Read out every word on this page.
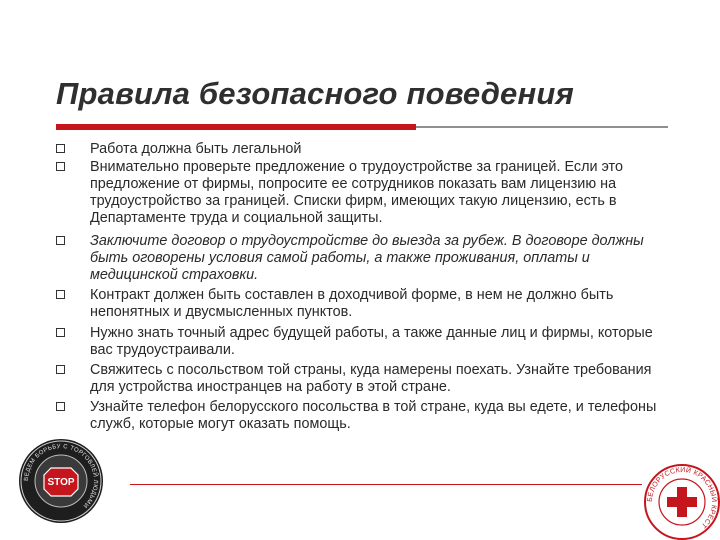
Правила безопасного поведения
Работа должна быть легальной
Внимательно проверьте предложение о трудоустройстве за границей. Если это предложение от фирмы, попросите ее сотрудников показать вам лицензию на трудоустройство за границей. Списки фирм, имеющих такую лицензию, есть в Департаменте труда и социальной защиты.
Заключите договор о трудоустройстве до выезда за рубеж. В договоре должны быть оговорены условия самой работы, а также проживания, оплаты и медицинской страховки.
Контракт должен быть составлен в доходчивой форме, в нем не должно быть непонятных и двусмысленных пунктов.
Нужно знать точный адрес будущей работы, а также данные лиц и фирмы, которые вас трудоустраивали.
Свяжитесь с посольством той страны, куда намерены поехать. Узнайте требования для устройства иностранцев на работу в этой стране.
Узнайте телефон белорусского посольства в той стране, куда вы едете, и телефоны служб, которые могут оказать помощь.
ВЕДЕМ БОРЬБУ С ТОРГОВЛЕЙ ЛЮДЬМИ
STOP
БЕЛОРУССКИЙ КРАСНЫЙ КРЕСТ
